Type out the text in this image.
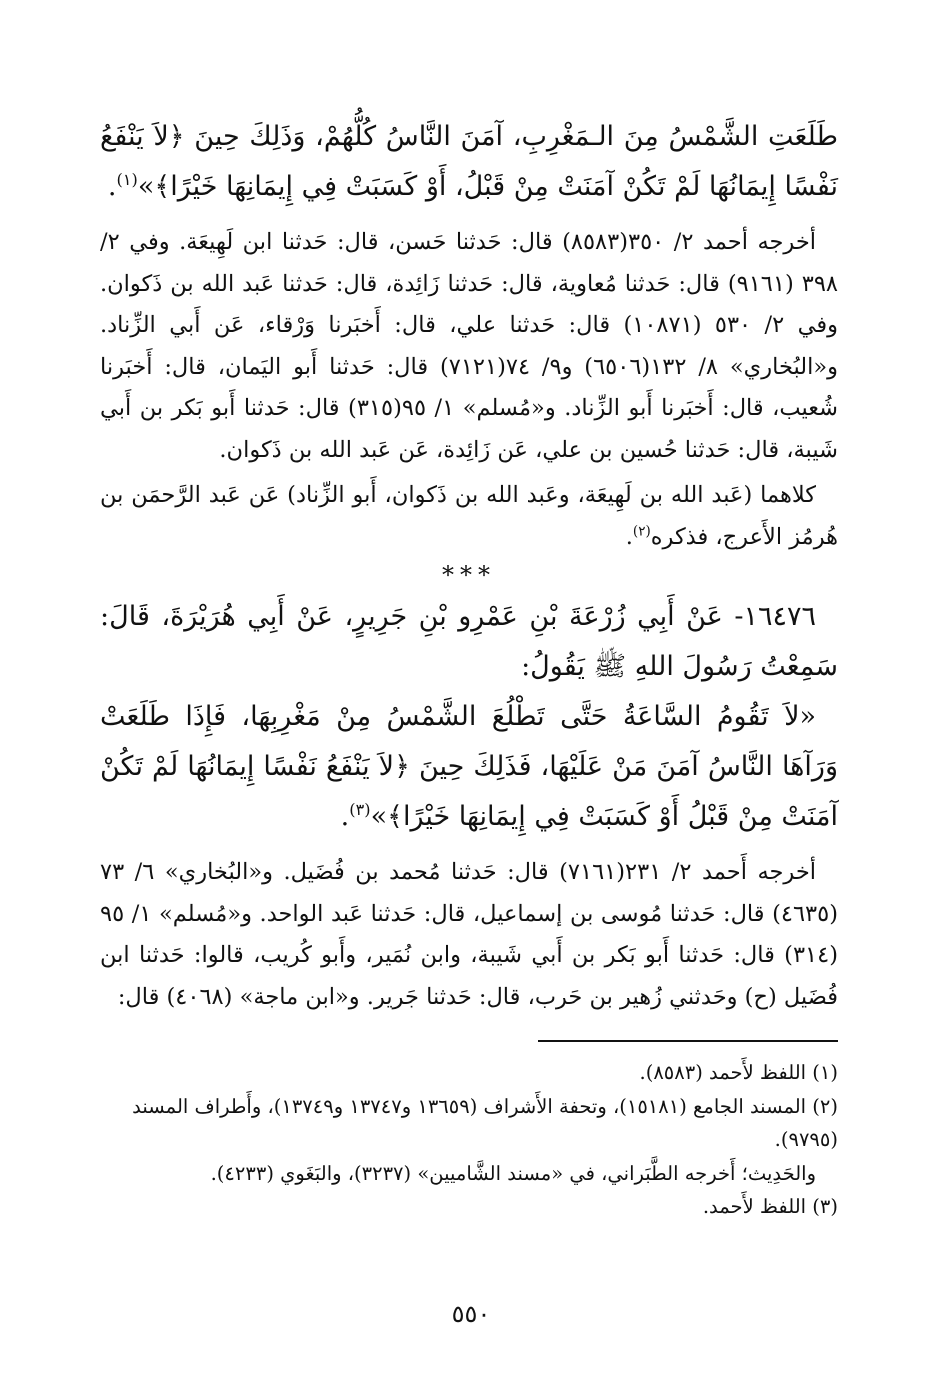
طَلَعَتِ الشَّمْسُ مِنَ الـمَغْرِبِ، آمَنَ النَّاسُ كُلُّهُمْ، وَذَلِكَ حِينَ ﴿لاَ يَنْفَعُ نَفْسًا إِيمَانُهَا لَمْ تَكُنْ آمَنَتْ مِنْ قَبْلُ، أَوْ كَسَبَتْ فِي إِيمَانِهَا خَيْرًا﴾»$^{(١)}$.

أخرجه أحمد ٢/ ٣٥٠(٨٥٨٣) قال: حَدثنا حَسن، قال: حَدثنا ابن لَهِيعَة. وفي ٢/ ٣٩٨ (٩١٦١) قال: حَدثنا مُعاوية، قال: حَدثنا زَائِدة، قال: حَدثنا عَبد الله بن ذَكوان. وفي ٢/ ٥٣٠ (١٠٨٧١) قال: حَدثنا علي، قال: أَخبَرنا وَرْقاء، عَن أَبي الزِّناد. و«البُخاري» ٨/ ١٣٢(٦٥٠٦) و٩/ ٧٤(٧١٢١) قال: حَدثنا أَبو اليَمان، قال: أَخبَرنا شُعيب، قال: أَخبَرنا أَبو الزِّناد. و«مُسلم» ١/ ٩٥(٣١٥) قال: حَدثنا أَبو بَكر بن أَبي شَيبة، قال: حَدثنا حُسين بن علي، عَن زَائِدة، عَن عَبد الله بن ذَكوان.

كلاهما (عَبد الله بن لَهِيعَة، وعَبد الله بن ذَكوان، أَبو الزِّناد) عَن عَبد الرَّحمَن بن هُرمُز الأَعرج، فذكره$^{(٢)}$.

***

١٦٤٧٦- عَنْ أَبِي زُرْعَةَ بْنِ عَمْرِو بْنِ جَرِيرٍ، عَنْ أَبِي هُرَيْرَةَ، قَالَ: سَمِعْتُ رَسُولَ اللهِ ﷺ يَقُولُ:

«لاَ تَقُومُ السَّاعَةُ حَتَّى تَطْلُعَ الشَّمْسُ مِنْ مَغْرِبِهَا، فَإِذَا طَلَعَتْ وَرَآهَا النَّاسُ آمَنَ مَنْ عَلَيْهَا، فَذَلِكَ حِينَ ﴿لاَ يَنْفَعُ نَفْسًا إِيمَانُهَا لَمْ تَكُنْ آمَنَتْ مِنْ قَبْلُ أَوْ كَسَبَتْ فِي إِيمَانِهَا خَيْرًا﴾»$^{(٣)}$.

أخرجه أَحمد ٢/ ٢٣١(٧١٦١) قال: حَدثنا مُحمد بن فُضَيل. و«البُخاري» ٦/ ٧٣ (٤٦٣٥) قال: حَدثنا مُوسى بن إسماعيل، قال: حَدثنا عَبد الواحد. و«مُسلم» ١/ ٩٥ (٣١٤) قال: حَدثنا أَبو بَكر بن أَبي شَيبة، وابن نُمَير، وأَبو كُريب، قالوا: حَدثنا ابن فُضَيل (ح) وحَدثني زُهير بن حَرب، قال: حَدثنا جَرير. و«ابن ماجة» (٤٠٦٨) قال:

(١) اللفظ لأَحمد (٨٥٨٣).

(٢) المسند الجامع (١٥١٨١)، وتحفة الأَشراف (١٣٦٥٩ و١٣٧٤٧ و١٣٧٤٩)، وأَطراف المسند (٩٧٩٥).

والحَدِيث؛ أَخرجه الطَّبَراني، في «مسند الشَّاميين» (٣٢٣٧)، والبَغَوي (٤٢٣٣).

(٣) اللفظ لأَحمد.

٥٥٠
